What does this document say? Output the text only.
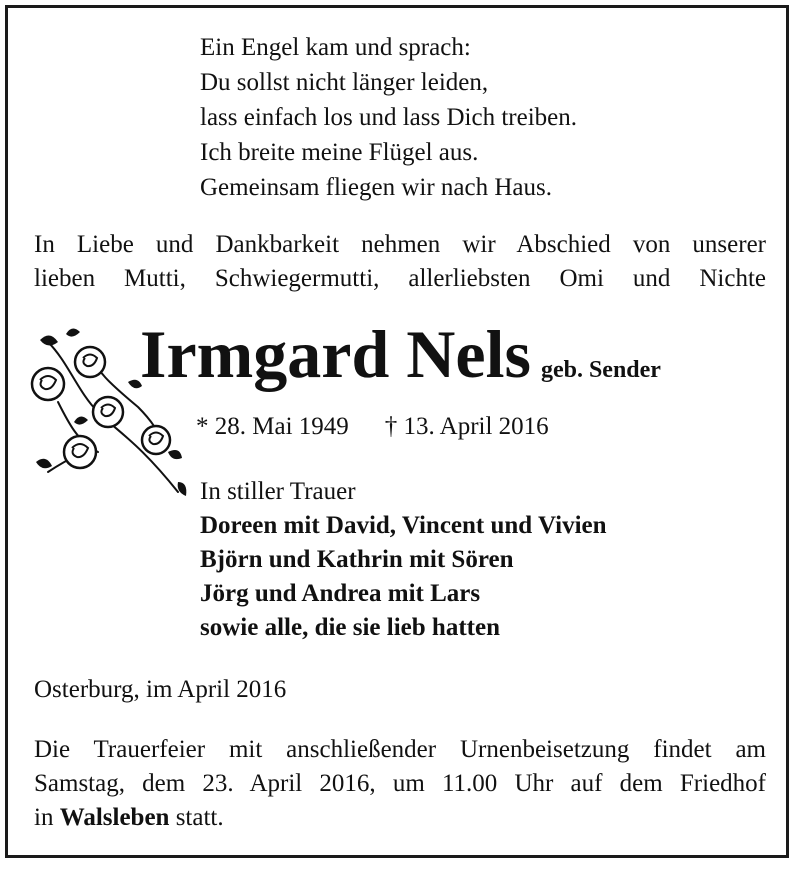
Ein Engel kam und sprach:
Du sollst nicht länger leiden,
lass einfach los und lass Dich treiben.
Ich breite meine Flügel aus.
Gemeinsam fliegen wir nach Haus.
In Liebe und Dankbarkeit nehmen wir Abschied von unserer
lieben Mutti, Schwiegermutti, allerliebsten Omi und Nichte
Irmgard Nels geb. Sender
* 28. Mai 1949 † 13. April 2016
In stiller Trauer
Doreen mit David, Vincent und Vivien
Björn und Kathrin mit Sören
Jörg und Andrea mit Lars
sowie alle, die sie lieb hatten
Osterburg, im April 2016
Die Trauerfeier mit anschließender Urnenbeisetzung findet am
Samstag, dem 23. April 2016, um 11.00 Uhr auf dem Friedhof
in Walsleben statt.
